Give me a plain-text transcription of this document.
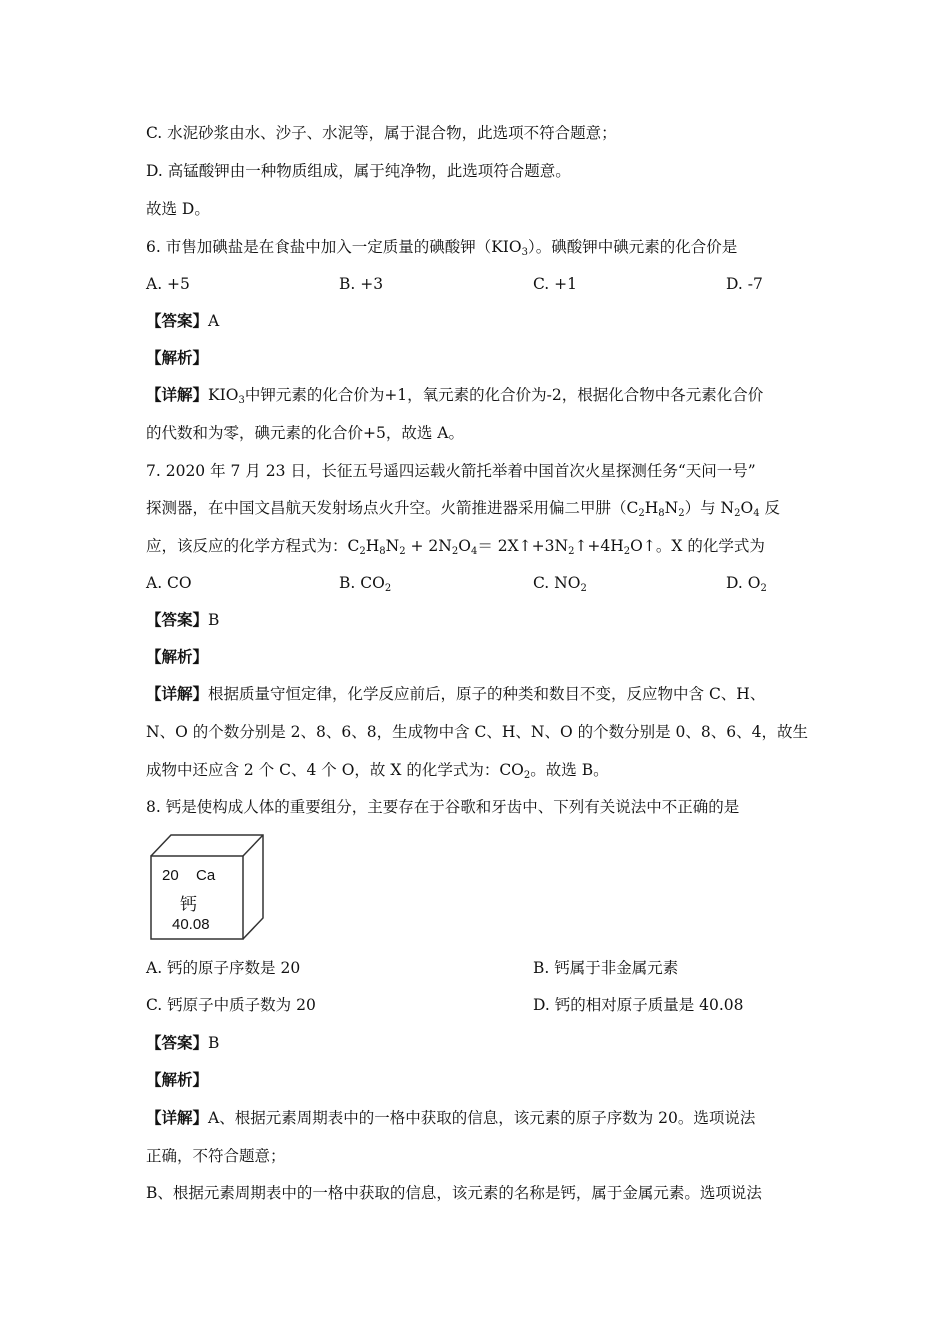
C. 水泥砂浆由水、沙子、水泥等，属于混合物，此选项不符合题意；
D. 高锰酸钾由一种物质组成，属于纯净物，此选项符合题意。
故选 D。
6. 市售加碘盐是在食盐中加入一定质量的碘酸钾$(KIO_3)$。碘酸钾中碘元素的化合价是
A. +5	B. +3	C. +1	D. -7
【答案】A
【解析】
【详解】$KIO_3$中钾元素的化合价为+1，氧元素的化合价为-2，根据化合物中各元素化合价
的代数和为零，碘元素的化合价+5，故选 A。
7. 2020 年 7 月 23 日，长征五号遥四运载火箭托举着中国首次火星探测任务“天问一号”
探测器，在中国文昌航天发射场点火升空。火箭推进器采用偏二甲肼$(C_2H_8N_2)$与 $N_2O_4$ 反
应，该反应的化学方程式为：$C_2H_8N_2 + 2N_2O_4=$ $2X↑+3N_2↑+4H_2O↑$。X 的化学式为
A. CO	B. $CO_2$	C. $NO_2$	D. $O_2$
【答案】B
【解析】
【详解】根据质量守恒定律，化学反应前后，原子的种类和数目不变，反应物中含 C、H、
N、O 的个数分别是 2、8、6、8，生成物中含 C、H、N、O 的个数分别是 0、8、6、4，故生
成物中还应含 2 个 C、4 个 O，故 X 的化学式为：$CO_2$。故选 B。
8. 钙是使构成人体的重要组分，主要存在于谷歌和牙齿中、下列有关说法中不正确的是
20 Ca
钙
40.08
A. 钙的原子序数是 20	B. 钙属于非金属元素
C. 钙原子中质子数为 20	D. 钙的相对原子质量是 40.08
【答案】B
【解析】
【详解】A、根据元素周期表中的一格中获取的信息，该元素的原子序数为 20。选项说法
正确，不符合题意；
B、根据元素周期表中的一格中获取的信息，该元素的名称是钙，属于金属元素。选项说法
